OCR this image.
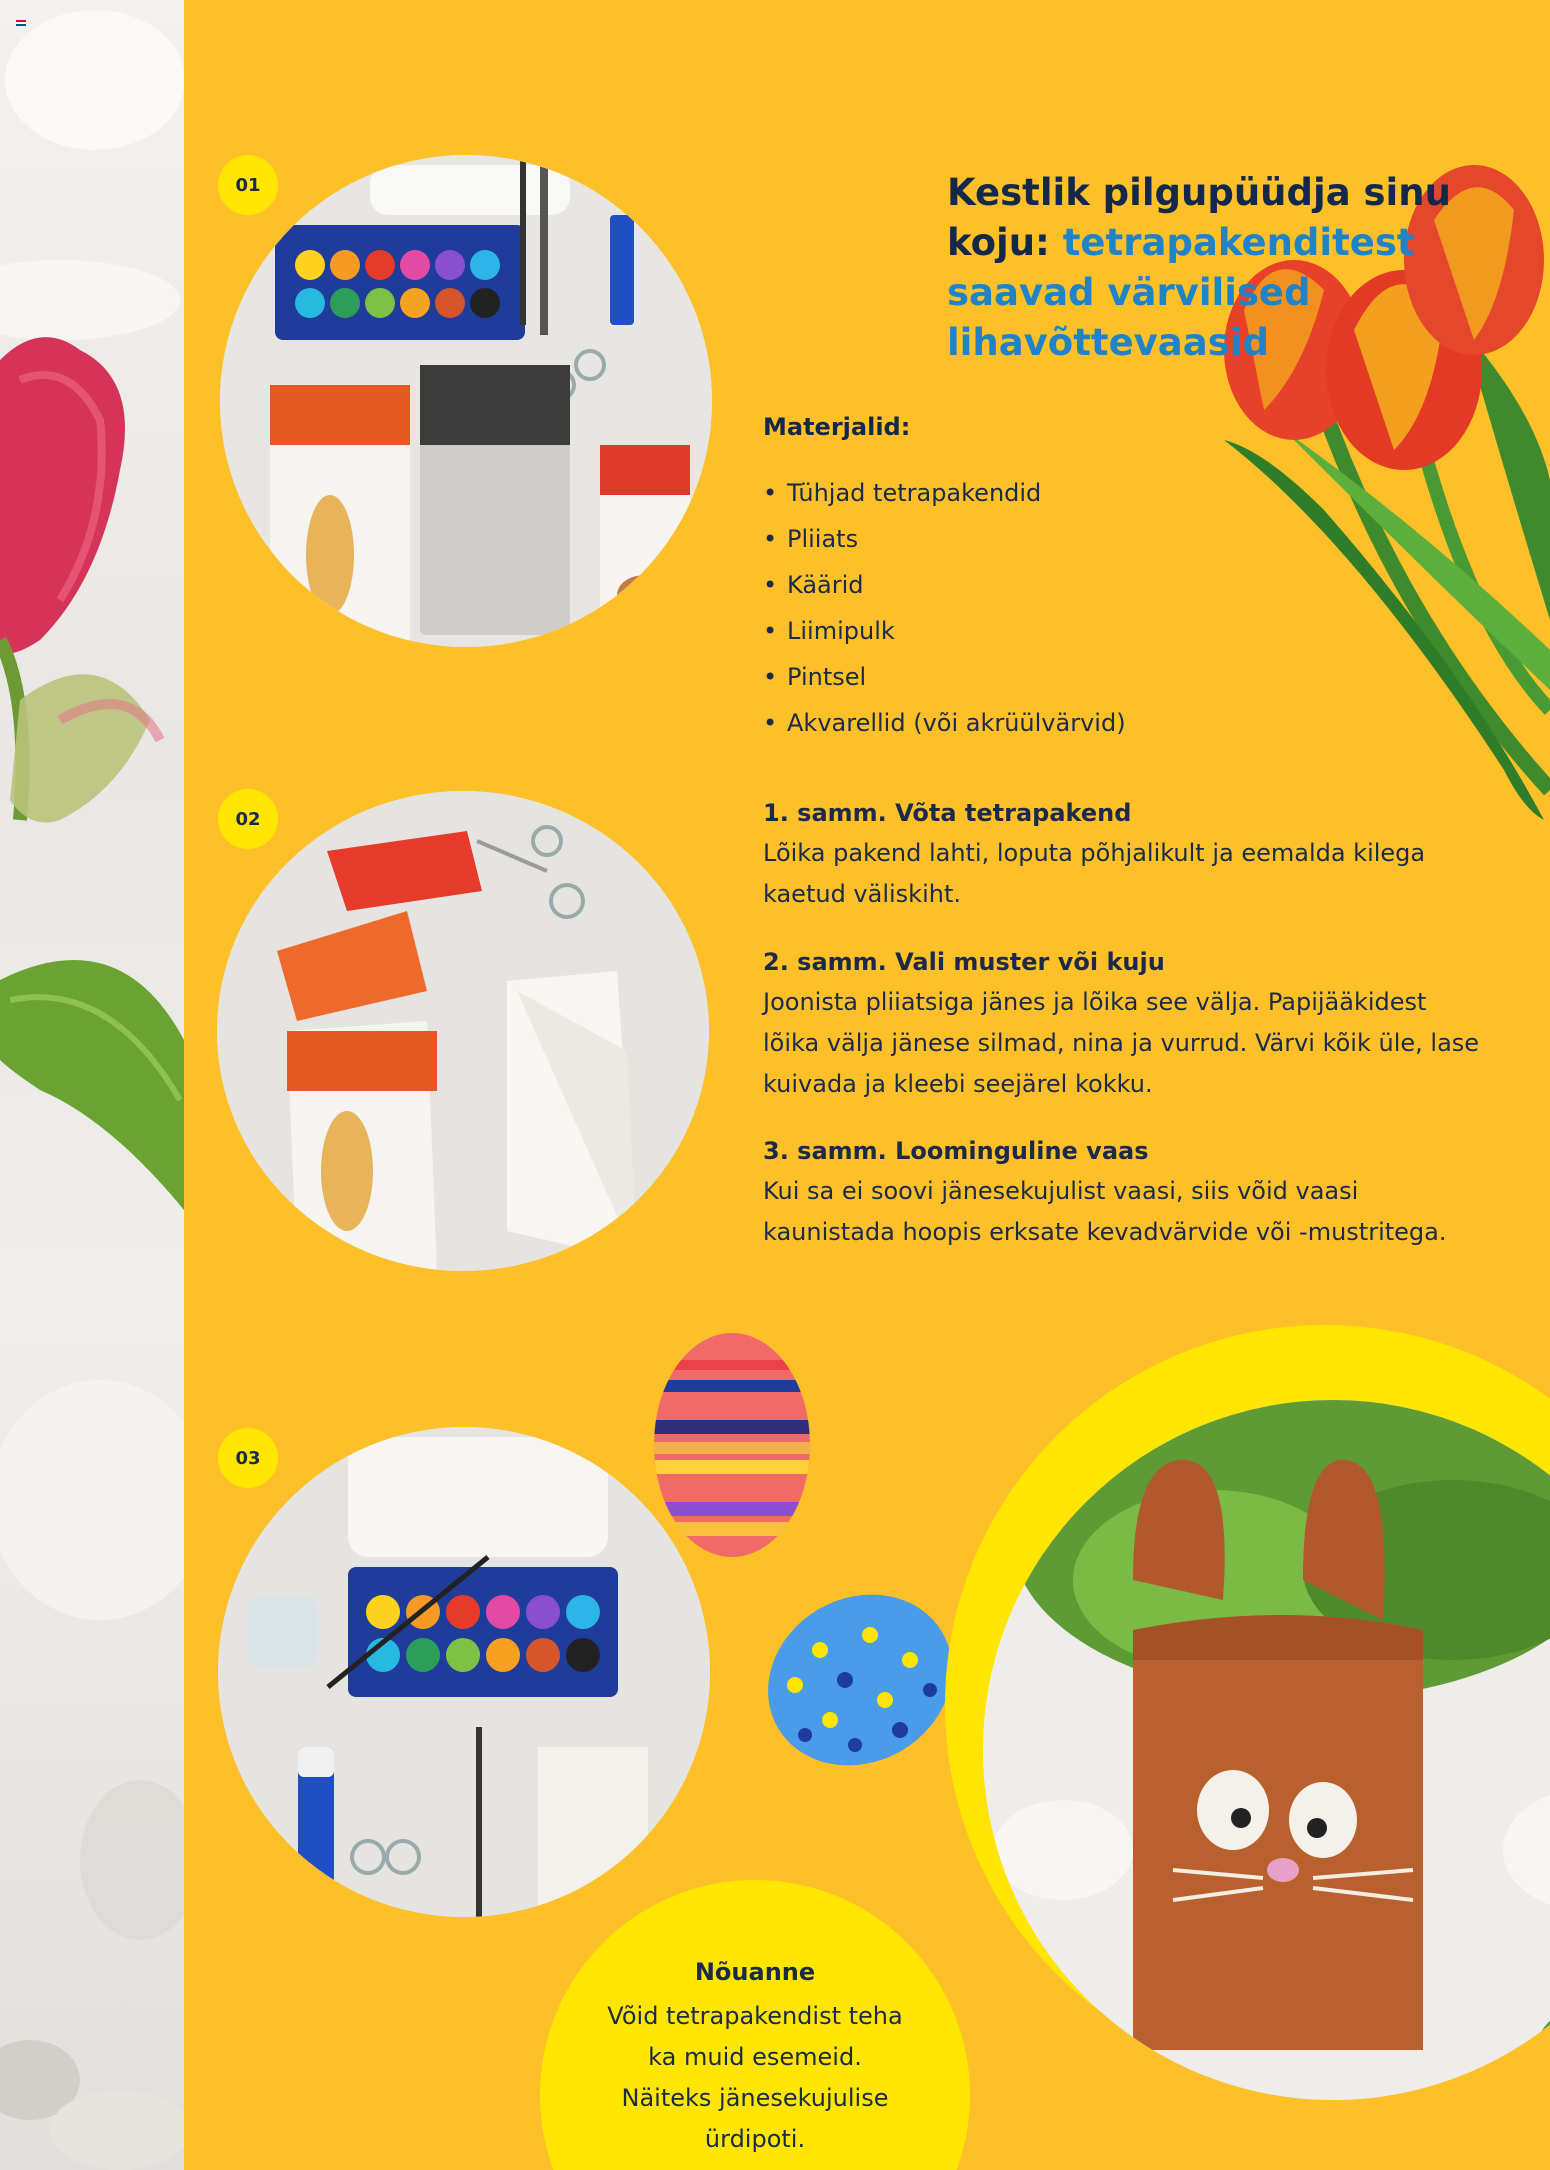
01
02
03
Kestlik pilgupüüdja sinu koju: tetrapakenditest saavad värvilised lihavõttevaasid

Materjalid:

• Tühjad tetrapakendid
• Pliiats
• Käärid
• Liimipulk
• Pintsel
• Akvarellid (või akrüülvärvid)

1. samm. Võta tetrapakend

Lõika pakend lahti, loputa põhjalikult ja eemalda kilega kaetud väliskiht.

2. samm. Vali muster või kuju

Joonista pliiatsiga jänes ja lõika see välja. Papijääkidest lõika välja jänese silmad, nina ja vurrud. Värvi kõik üle, lase kuivada ja kleebi seejärel kokku.

3. samm. Loominguline vaas

Kui sa ei soovi jänesekujulist vaasi, siis võid vaasi kaunistada hoopis erksate kevadvärvide või -mustritega.

Nõuanne

Võid tetrapakendist teha ka muid esemeid. Näiteks jänesekujulise ürdipoti.
